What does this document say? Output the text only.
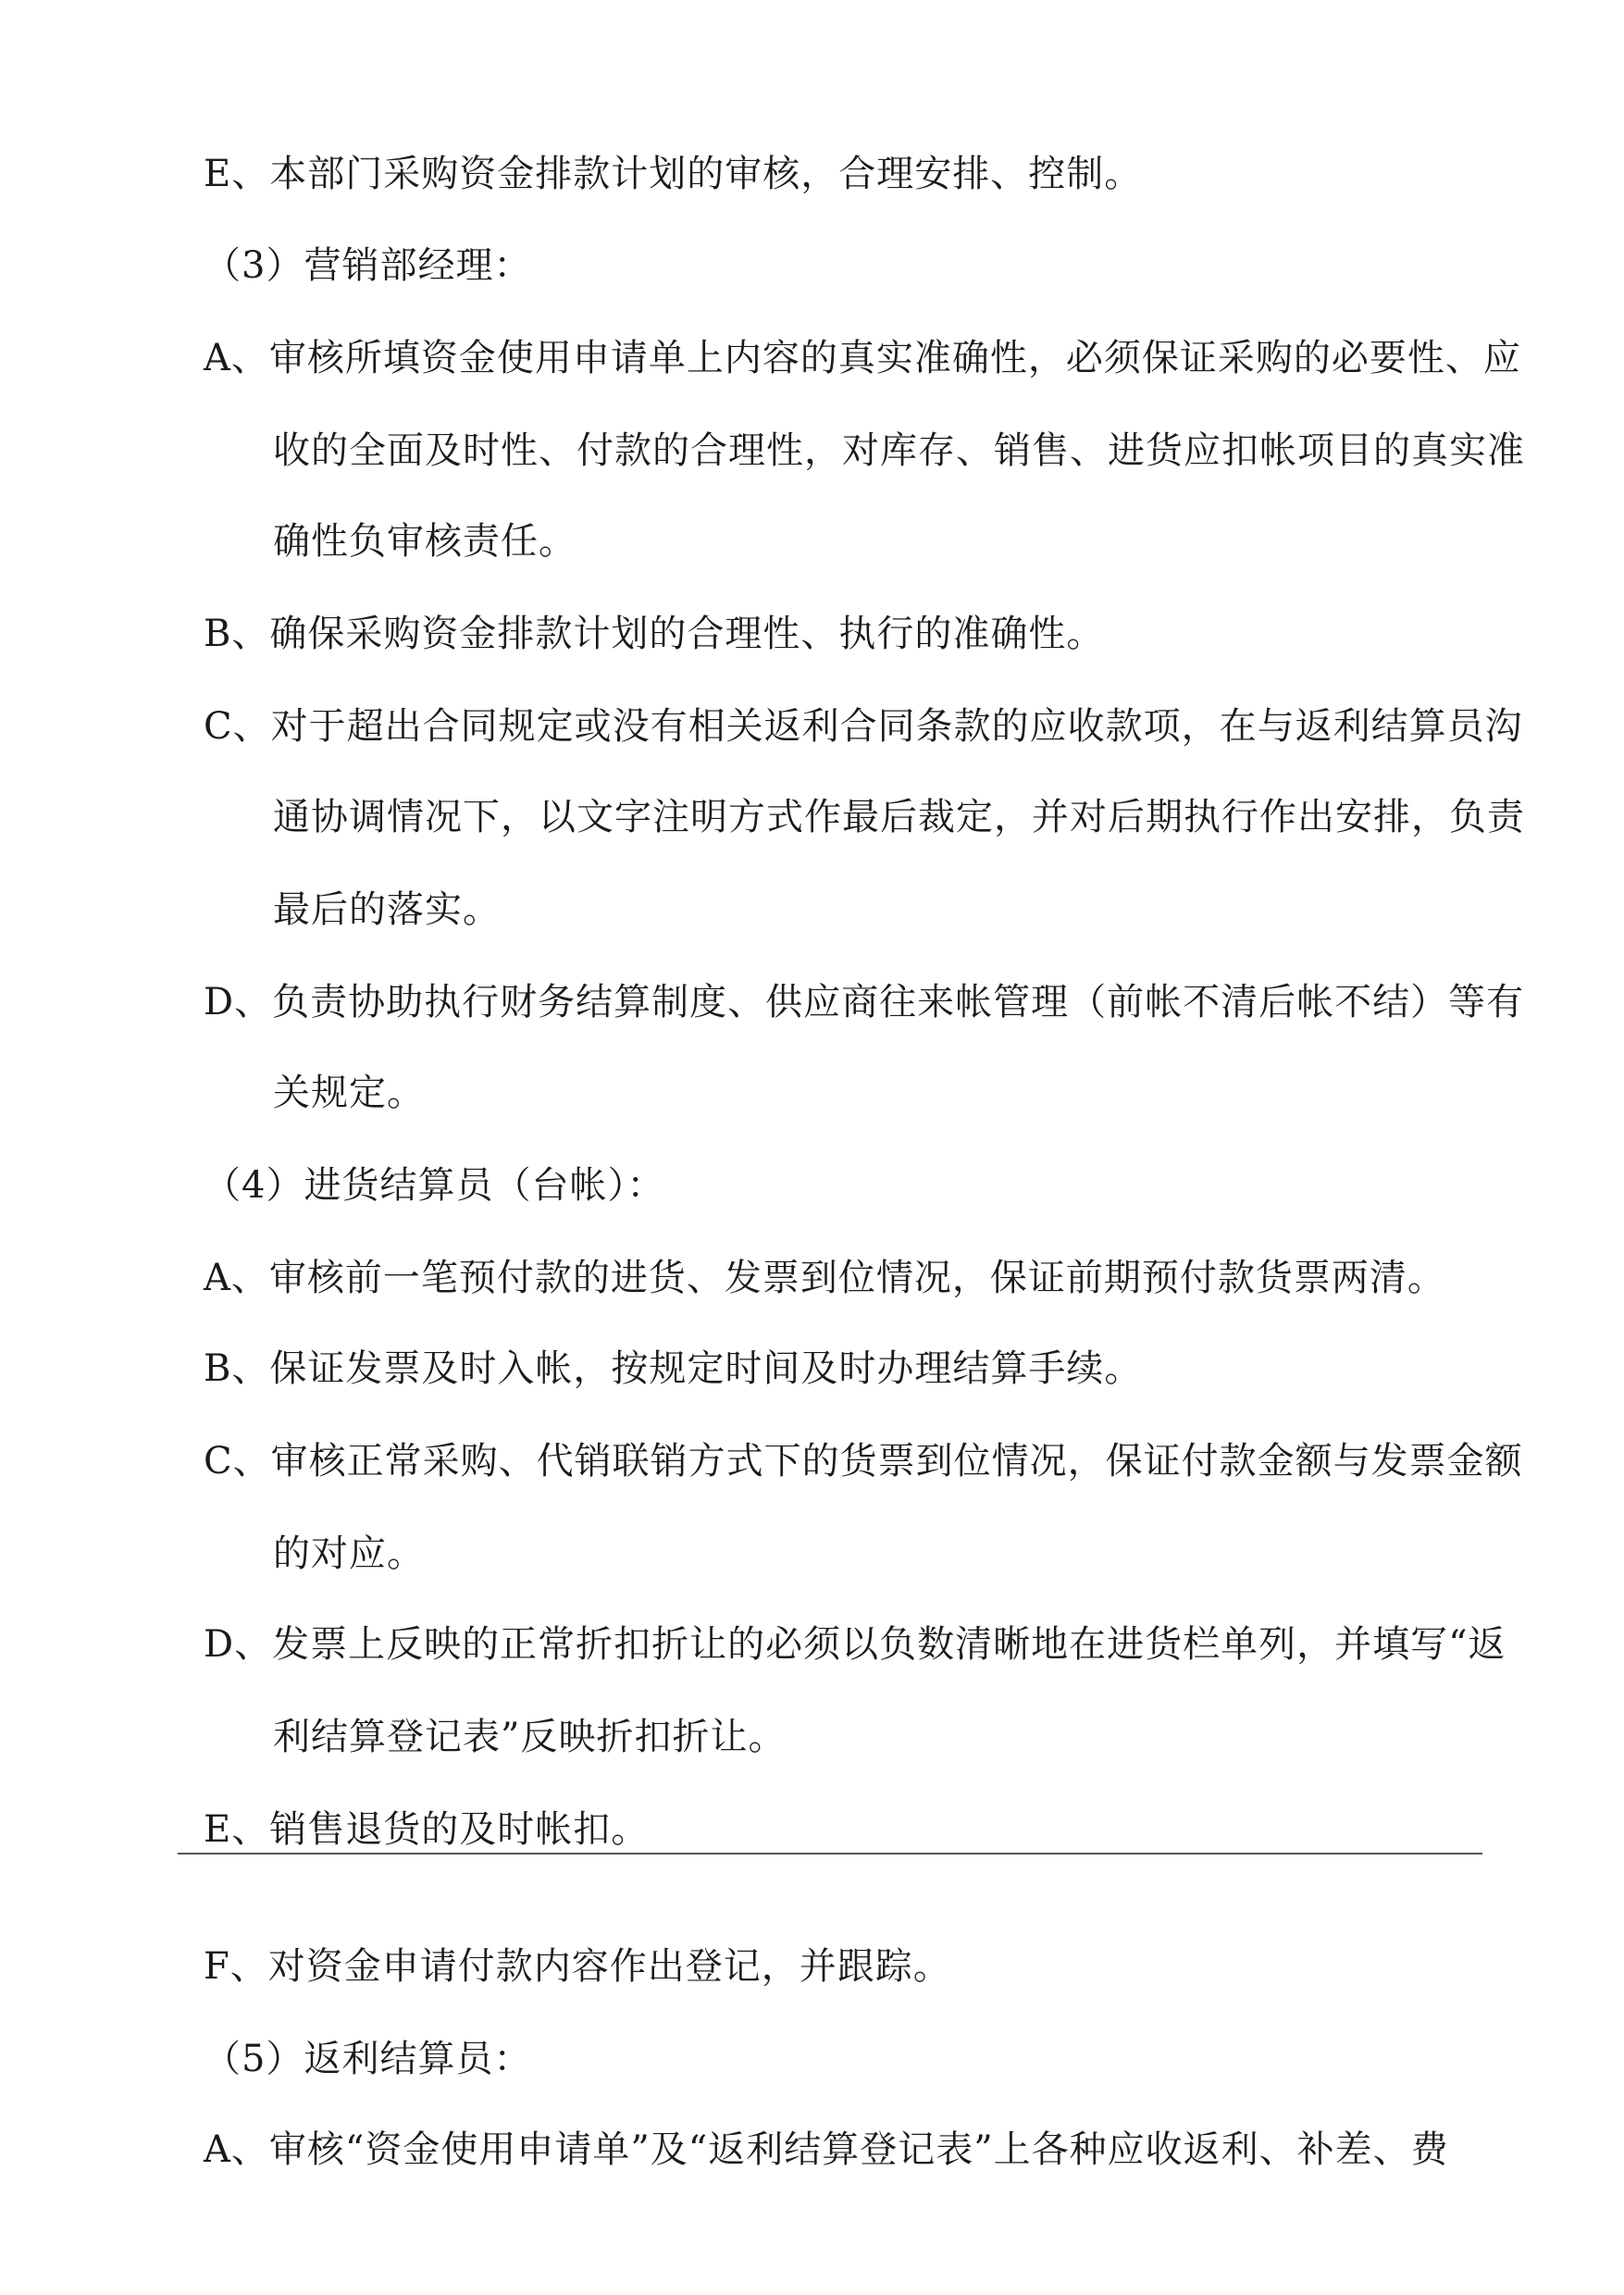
E、本部门采购资金排款计划的审核，合理安排、控制。

（3）营销部经理：

A、审核所填资金使用申请单上内容的真实准确性，必须保证采购的必要性、应

收的全面及时性、付款的合理性，对库存、销售、进货应扣帐项目的真实准

确性负审核责任。

B、确保采购资金排款计划的合理性、执行的准确性。

C、对于超出合同规定或没有相关返利合同条款的应收款项，在与返利结算员沟

通协调情况下，以文字注明方式作最后裁定，并对后期执行作出安排，负责

最后的落实。

D、负责协助执行财务结算制度、供应商往来帐管理（前帐不清后帐不结）等有

关规定。

（4）进货结算员（台帐）：

A、审核前一笔预付款的进货、发票到位情况，保证前期预付款货票两清。

B、保证发票及时入帐，按规定时间及时办理结算手续。

C、审核正常采购、代销联销方式下的货票到位情况，保证付款金额与发票金额

的对应。

D、发票上反映的正常折扣折让的必须以负数清晰地在进货栏单列，并填写“返

利结算登记表”反映折扣折让。

E、销售退货的及时帐扣。

F、对资金申请付款内容作出登记，并跟踪。

（5）返利结算员：

A、审核“资金使用申请单”及“返利结算登记表”上各种应收返利、补差、费
